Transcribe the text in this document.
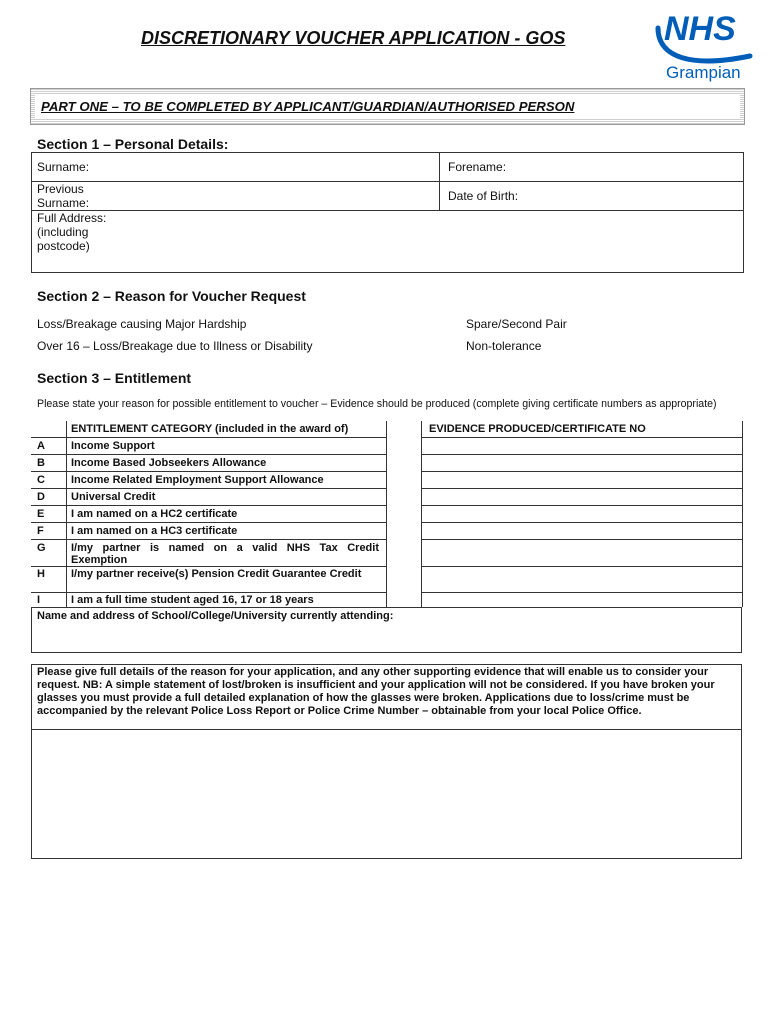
DISCRETIONARY VOUCHER APPLICATION - GOS	NHS
Grampian
PART ONE – TO BE COMPLETED BY APPLICANT/GUARDIAN/AUTHORISED PERSON
Section 1 – Personal Details:
Surname:	Forename:
Previous Surname:	Date of Birth:
Full Address: (including postcode)
Section 2 – Reason for Voucher Request
Loss/Breakage causing Major Hardship	Spare/Second Pair
Over 16 – Loss/Breakage due to Illness or Disability	Non-tolerance
Section 3 – Entitlement
Please state your reason for possible entitlement to voucher – Evidence should be produced (complete giving certificate numbers as appropriate)
ENTITLEMENT CATEGORY (included in the award of)	EVIDENCE PRODUCED/CERTIFICATE NO
A Income Support
B Income Based Jobseekers Allowance
C Income Related Employment Support Allowance
D Universal Credit
E I am named on a HC2 certificate
F I am named on a HC3 certificate
G I/my partner is named on a valid NHS Tax Credit Exemption
H I/my partner receive(s) Pension Credit Guarantee Credit
I	I am a full time student aged 16, 17 or 18 years
Name and address of School/College/University currently attending:
Please give full details of the reason for your application, and any other supporting evidence that will enable us to consider your request. NB: A simple statement of lost/broken is insufficient and your application will not be considered. If you have broken your glasses you must provide a full detailed explanation of how the glasses were broken. Applications due to loss/crime must be accompanied by the relevant Police Loss Report or Police Crime Number – obtainable from your local Police Office.
